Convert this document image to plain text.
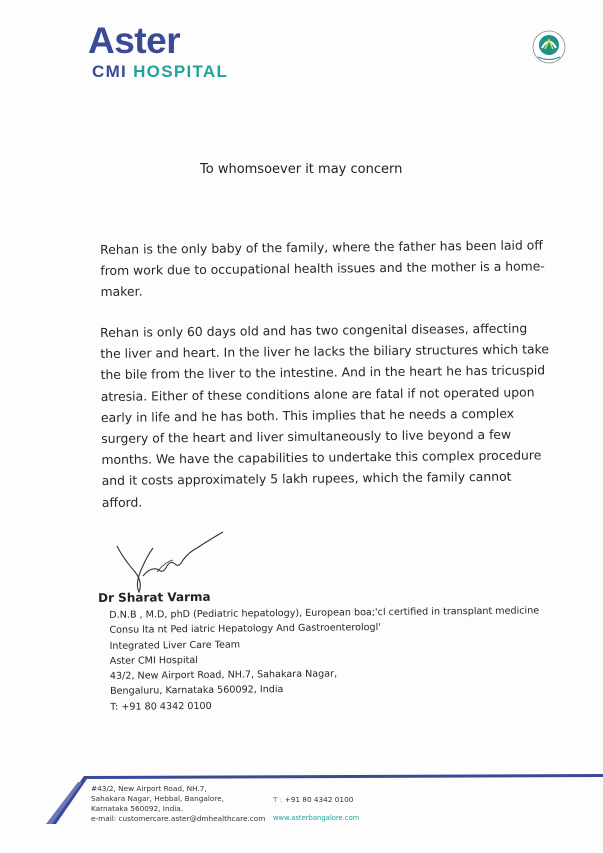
Aster
CMI HOSPITAL
To whomsoever it may concern
Rehan is the only baby of the family, where the father has been laid off from work due to occupational health issues and the mother is a home-maker.
Rehan is only 60 days old and has two congenital diseases, affecting the liver and heart. In the liver he lacks the biliary structures which take the bile from the liver to the intestine. And in the heart he has tricuspid atresia. Either of these conditions alone are fatal if not operated upon early in life and he has both. This implies that he needs a complex surgery of the heart and liver simultaneously to live beyond a few months. We have the capabilities to undertake this complex procedure and it costs approximately 5 lakh rupees, which the family cannot afford.
Dr Sharat Varma
D.N.B , M.D, phD (Pediatric hepatology), European boa;'cl certified in transplant medicine
Consu lta nt Ped iatric Hepatology And Gastroenterologl'
Integrated Liver Care Team
Aster CMI Hospital
43/2, New Airport Road, NH.7, Sahakara Nagar,
Bengaluru, Karnataka 560092, India
T: +91 80 4342 0100
#43/2, New Airport Road, NH.7,
Sahakara Nagar, Hebbal, Bangalore,
Karnataka 560092, India.
e-mail: customercare.aster@dmhealthcare.com
T : +91 80 4342 0100
www.asterbangalore.com
